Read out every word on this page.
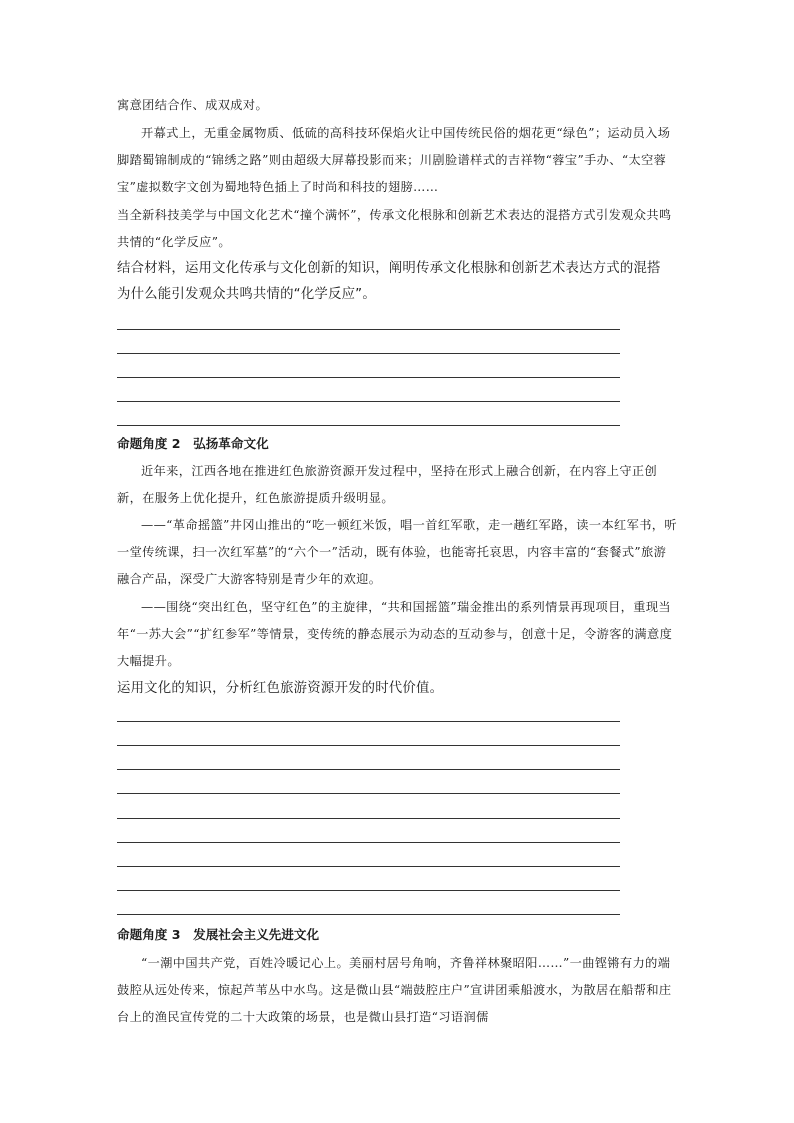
寓意团结合作、成双成对。

开幕式上，无重金属物质、低硫的高科技环保焰火让中国传统民俗的烟花更“绿色”；运动员入场脚踏蜀锦制成的“锦绣之路”则由超级大屏幕投影而来；川剧脸谱样式的吉祥物“蓉宝”手办、“太空蓉宝”虚拟数字文创为蜀地特色插上了时尚和科技的翅膀……

当全新科技美学与中国文化艺术“撞个满怀”，传承文化根脉和创新艺术表达的混搭方式引发观众共鸣共情的“化学反应”。

结合材料，运用文化传承与文化创新的知识，阐明传承文化根脉和创新艺术表达方式的混搭为什么能引发观众共鸣共情的“化学反应”。

命题角度 2　弘扬革命文化

近年来，江西各地在推进红色旅游资源开发过程中，坚持在形式上融合创新，在内容上守正创新，在服务上优化提升，红色旅游提质升级明显。

——“革命摇篮”井冈山推出的“吃一顿红米饭，唱一首红军歌，走一趟红军路，读一本红军书，听一堂传统课，扫一次红军墓”的“六个一”活动，既有体验，也能寄托哀思，内容丰富的“套餐式”旅游融合产品，深受广大游客特别是青少年的欢迎。

——围绕“突出红色，坚守红色”的主旋律，“共和国摇篮”瑞金推出的系列情景再现项目，重现当年“一苏大会”“扩红参军”等情景，变传统的静态展示为动态的互动参与，创意十足，令游客的满意度大幅提升。

运用文化的知识，分析红色旅游资源开发的时代价值。

命题角度 3　发展社会主义先进文化

“一潮中国共产党，百姓冷暖记心上。美丽村居号角响，齐鲁祥林聚昭阳……”一曲铿锵有力的端鼓腔从远处传来，惊起芦苇丛中水鸟。这是微山县“端鼓腔庄户”宣讲团乘船渡水，为散居在船帮和庄台上的渔民宣传党的二十大政策的场景，也是微山县打造“习语润儒
